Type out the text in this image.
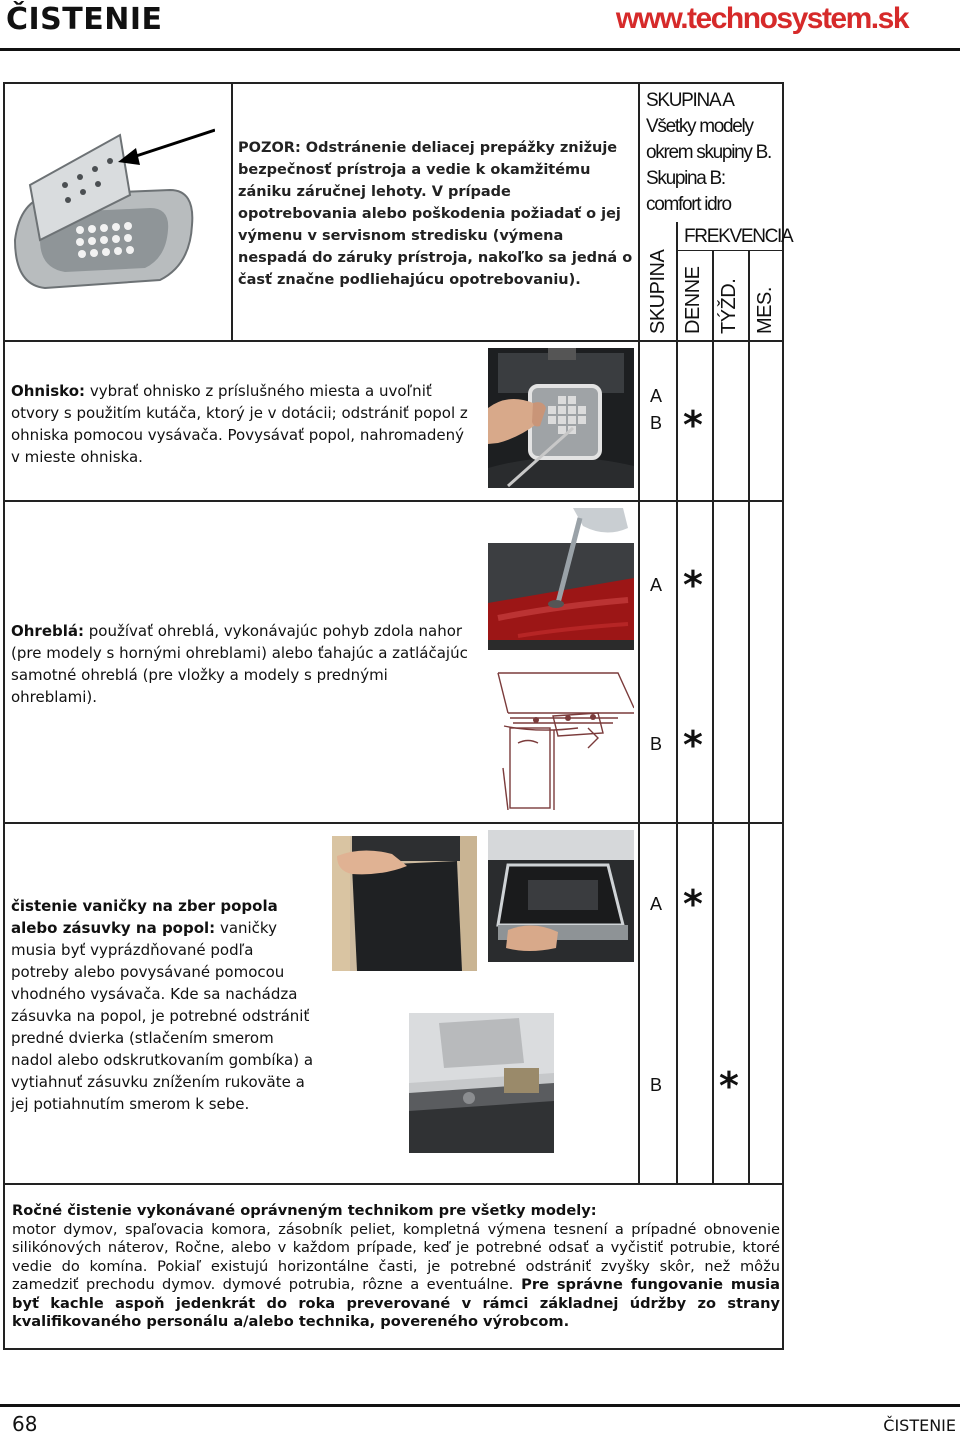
ČISTENIE	www.technosystem.sk
POZOR: Odstránenie deliacej prepážky znižuje bezpečnosť prístroja a vedie k okamžitému zániku záručnej lehoty. V prípade opotrebovania alebo poškodenia požiadať o jej výmenu v servisnom stredisku (výmena nespadá do záruky prístroja, nakoľko sa jedná o časť značne podliehajúcu opotrebovaniu).
SKUPINA A
Všetky modely
okrem skupiny B.
Skupina B:
comfort idro
FREKVENCIA
SKUPINA DENNE TÝŽD. MES.
Ohnisko: vybrať ohnisko z príslušného miesta a uvoľniť otvory s použitím kutáča, ktorý je v dotácii; odstrániť popol z ohniska pomocou vysávača. Povysávať popol, nahromadený v mieste ohniska.
A
B *
Ohreblá: používať ohreblá, vykonávajúc pohyb zdola nahor (pre modely s hornými ohreblami) alebo ťahajúc a zatláčajúc samotné ohreblá (pre vložky a modely s prednými ohreblami).
A *
B *
čistenie vaničky na zber popola alebo zásuvky na popol: vaničky musia byť vyprázdňované podľa potreby alebo povysávané pomocou vhodného vysávača. Kde sa nachádza zásuvka na popol, je potrebné odstrániť predné dvierka (stlačením smerom nadol alebo odskrutkovaním gombíka) a vytiahnuť zásuvku znížením rukoväte a jej potiahnutím smerom k sebe.
A *
B *
Ročné čistenie vykonávané oprávneným technikom pre všetky modely:
motor dymov, spaľovacia komora, zásobník peliet, kompletná výmena tesnení a prípadné obnovenie silikónových náterov, Ročne, alebo v každom prípade, keď je potrebné odsať a vyčistiť potrubie, ktoré vedie do komína. Pokiaľ existujú horizontálne časti, je potrebné odstrániť zvyšky skôr, než môžu zamedziť prechodu dymov. dymové potrubia, rôzne a eventuálne. Pre správne fungovanie musia byť kachle aspoň jedenkrát do roka preverované v rámci základnej údržby zo strany kvalifikovaného personálu a/alebo technika, povereného výrobcom.
68	ČISTENIE
